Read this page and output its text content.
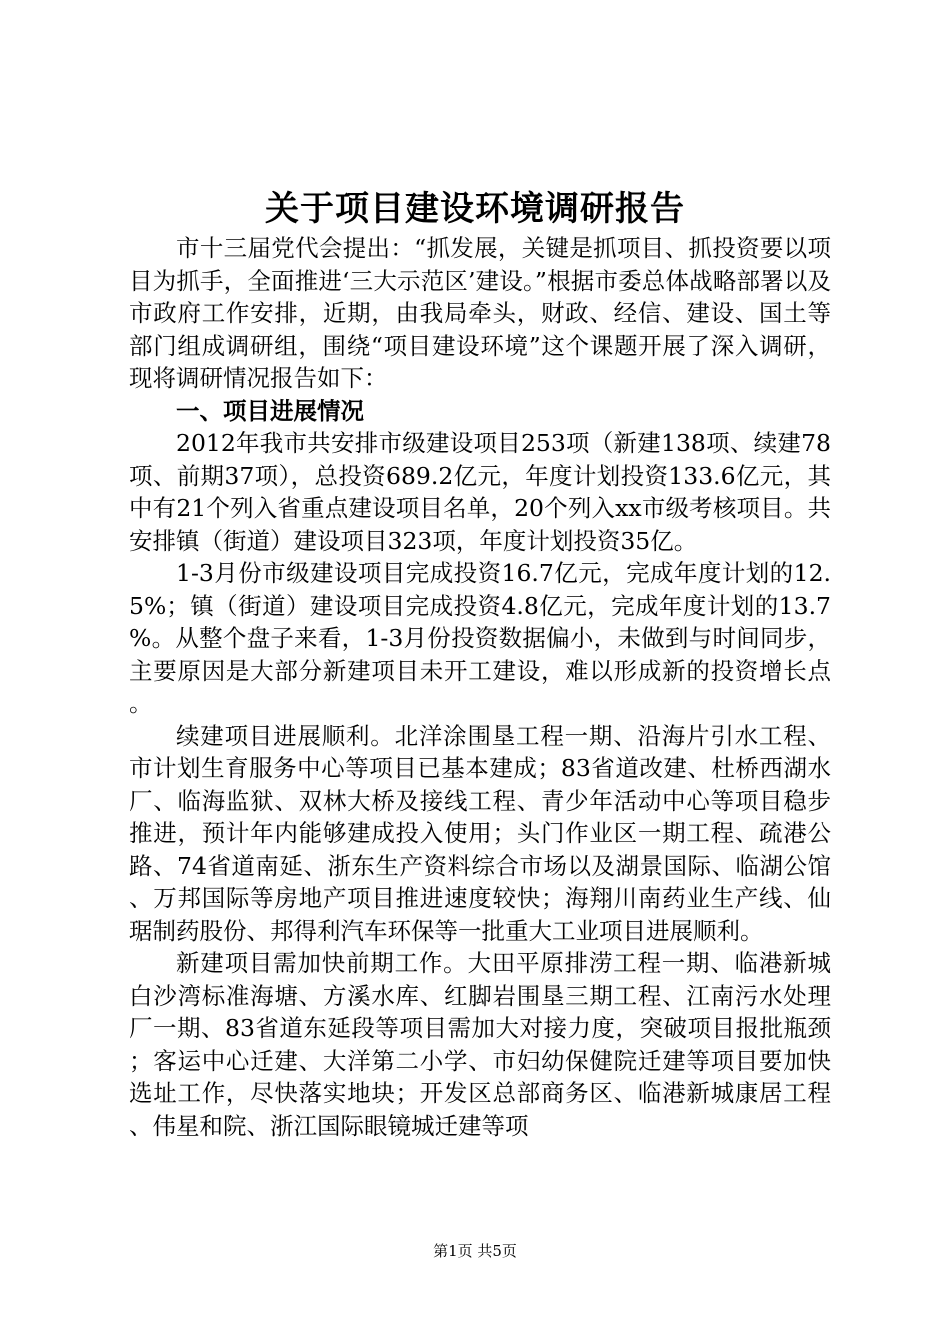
关于项目建设环境调研报告

市十三届党代会提出：“抓发展，关键是抓项目、抓投资要以项目为抓手，全面推进‘三大示范区’建设。”根据市委总体战略部署以及市政府工作安排，近期，由我局牵头，财政、经信、建设、国土等部门组成调研组，围绕“项目建设环境”这个课题开展了深入调研，现将调研情况报告如下：

一、项目进展情况

2012年我市共安排市级建设项目253项（新建138项、续建78项、前期37项），总投资689.2亿元，年度计划投资133.6亿元，其中有21个列入省重点建设项目名单，20个列入xx市级考核项目。共安排镇（街道）建设项目323项，年度计划投资35亿。

1-3月份市级建设项目完成投资16.7亿元，完成年度计划的12.5%；镇（街道）建设项目完成投资4.8亿元，完成年度计划的13.7%。从整个盘子来看，1-3月份投资数据偏小，未做到与时间同步，主要原因是大部分新建项目未开工建设，难以形成新的投资增长点。

续建项目进展顺利。北洋涂围垦工程一期、沿海片引水工程、市计划生育服务中心等项目已基本建成；83省道改建、杜桥西湖水厂、临海监狱、双林大桥及接线工程、青少年活动中心等项目稳步推进，预计年内能够建成投入使用；头门作业区一期工程、疏港公路、74省道南延、浙东生产资料综合市场以及湖景国际、临湖公馆、万邦国际等房地产项目推进速度较快；海翔川南药业生产线、仙琚制药股份、邦得利汽车环保等一批重大工业项目进展顺利。

新建项目需加快前期工作。大田平原排涝工程一期、临港新城白沙湾标准海塘、方溪水库、红脚岩围垦三期工程、江南污水处理厂一期、83省道东延段等项目需加大对接力度，突破项目报批瓶颈；客运中心迁建、大洋第二小学、市妇幼保健院迁建等项目要加快选址工作，尽快落实地块；开发区总部商务区、临港新城康居工程、伟星和院、浙江国际眼镜城迁建等项

第1页 共5页
